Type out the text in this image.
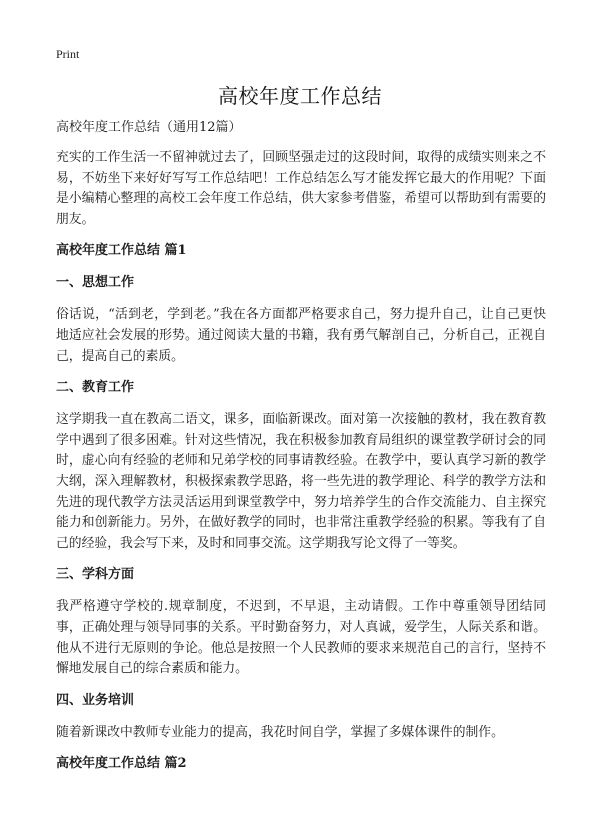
Print
高校年度工作总结
高校年度工作总结（通用12篇）

充实的工作生活一不留神就过去了，回顾坚强走过的这段时间，取得的成绩实则来之不易，不妨坐下来好好写写工作总结吧！工作总结怎么写才能发挥它最大的作用呢？下面是小编精心整理的高校工会年度工作总结，供大家参考借鉴，希望可以帮助到有需要的朋友。

高校年度工作总结 篇1
一、思想工作

俗话说，“活到老，学到老。”我在各方面都严格要求自己，努力提升自己，让自己更快地适应社会发展的形势。通过阅读大量的书籍，我有勇气解剖自己，分析自己，正视自己，提高自己的素质。

二、教育工作

这学期我一直在教高二语文，课多，面临新课改。面对第一次接触的教材，我在教育教学中遇到了很多困难。针对这些情况，我在积极参加教育局组织的课堂教学研讨会的同时，虚心向有经验的老师和兄弟学校的同事请教经验。在教学中，要认真学习新的教学大纲，深入理解教材，积极探索教学思路，将一些先进的教学理论、科学的教学方法和先进的现代教学方法灵活运用到课堂教学中，努力培养学生的合作交流能力、自主探究能力和创新能力。另外，在做好教学的同时，也非常注重教学经验的积累。等我有了自己的经验，我会写下来，及时和同事交流。这学期我写论文得了一等奖。

三、学科方面

我严格遵守学校的.规章制度，不迟到，不早退，主动请假。工作中尊重领导团结同事，正确处理与领导同事的关系。平时勤奋努力，对人真诚，爱学生，人际关系和谐。他从不进行无原则的争论。他总是按照一个人民教师的要求来规范自己的言行，坚持不懈地发展自己的综合素质和能力。

四、业务培训

随着新课改中教师专业能力的提高，我花时间自学，掌握了多媒体课件的制作。

高校年度工作总结 篇2
